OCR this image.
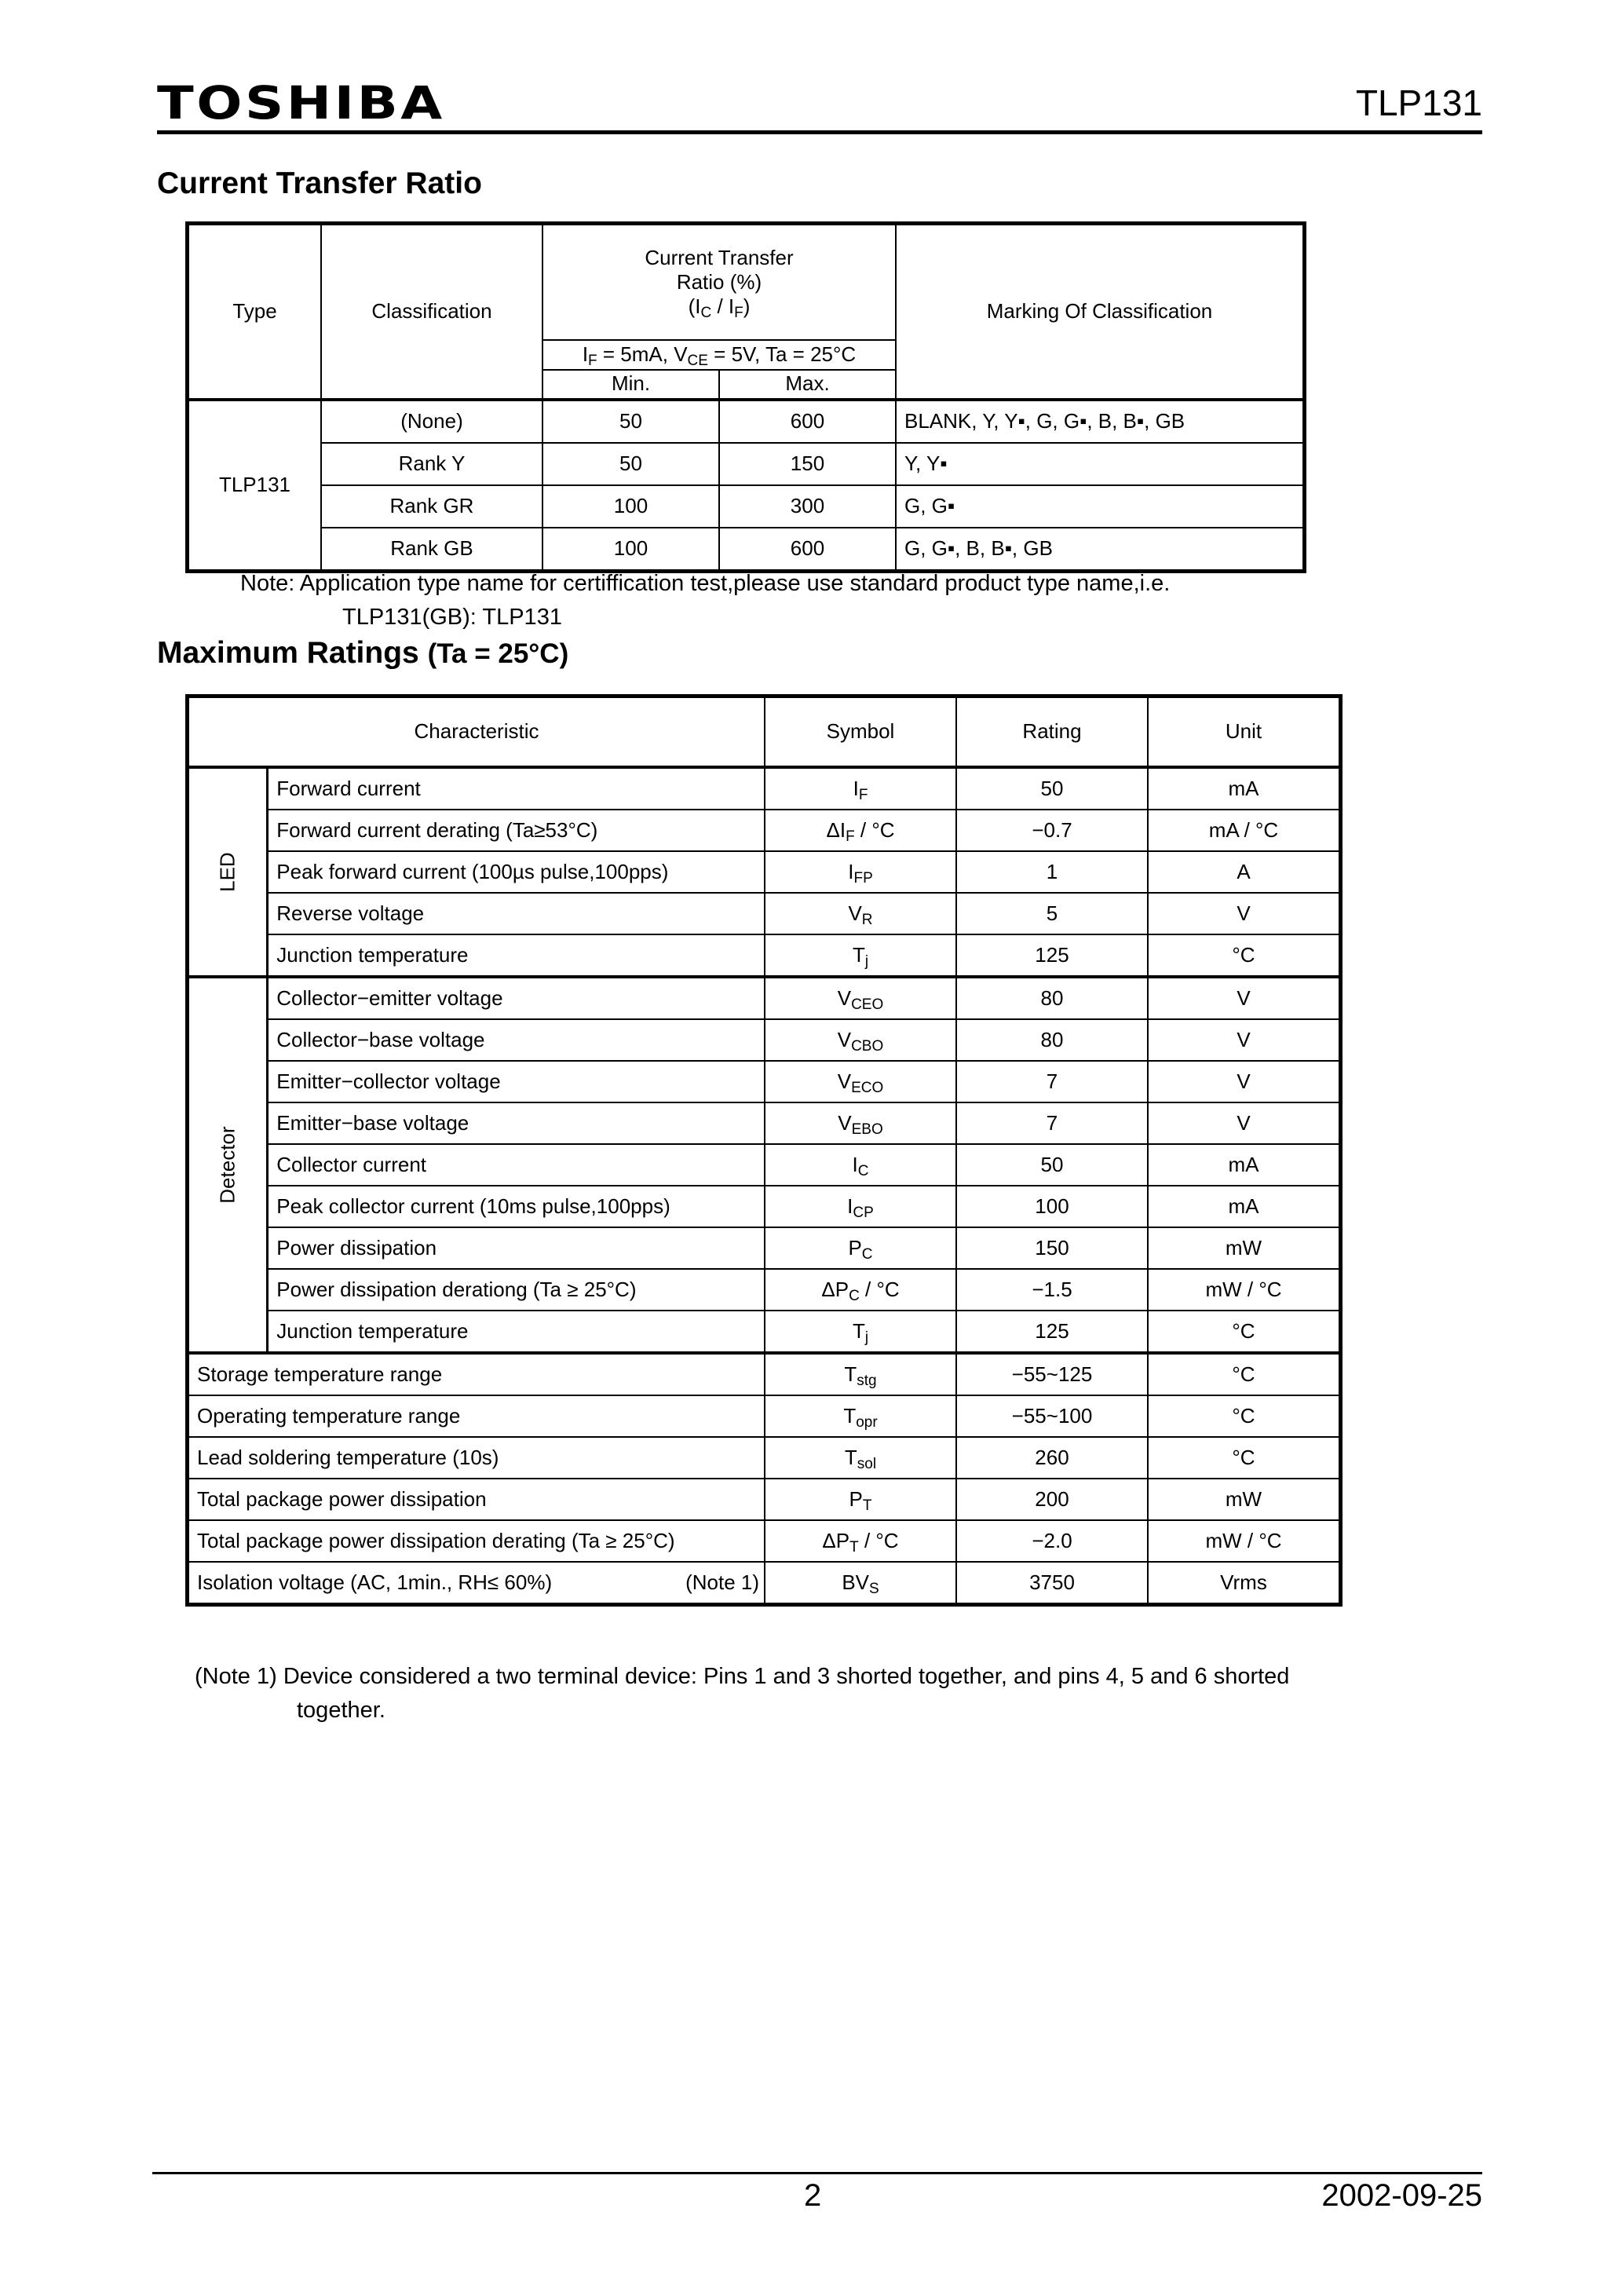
TOSHIBA	TLP131
Current Transfer Ratio
Type	Classification	Current Transfer
Ratio (%)
$(I_C / I_F)$		Marking Of Classification
		$I_F = 5mA$, $V_{CE} = 5V$, Ta = 25°C		
		Min.	Max.	
TLP131	(None)	50	600	BLANK, Y, Y▪, G, G▪, B, B▪, GB
	Rank Y	50	150	Y, Y▪
	Rank GR	100	300	G, G▪
	Rank GB	100	600	G, G▪, B, B▪, GB
Note: Application type name for certiffication test,please use standard product type name,i.e.
TLP131(GB): TLP131
Maximum Ratings (Ta = 25°C)
Characteristic		Symbol	Rating	Unit
LED	Forward current	$I_F$	50	mA
	Forward current derating (Ta≥53°C)	$\Delta I_F / ^\circ C$	−0.7	mA / °C
	Peak forward current (100µs pulse,100pps)	$I_{FP}$	1	A
	Reverse voltage	$V_R$	5	V
	Junction temperature	$T_j$	125	°C
Detector	Collector−emitter voltage	$V_{CEO}$	80	V
	Collector−base voltage	$V_{CBO}$	80	V
	Emitter−collector voltage	$V_{ECO}$	7	V
	Emitter−base voltage	$V_{EBO}$	7	V
	Collector current	$I_C$	50	mA
	Peak collector current (10ms pulse,100pps)	$I_{CP}$	100	mA
	Power dissipation	$P_C$	150	mW
	Power dissipation derationg (Ta ≥ 25°C)	$\Delta P_C / ^\circ C$	−1.5	mW / °C
	Junction temperature	$T_j$	125	°C
Storage temperature range		$T_{stg}$	−55~125	°C
Operating temperature range		$T_{opr}$	−55~100	°C
Lead soldering temperature (10s)		$T_{sol}$	260	°C
Total package power dissipation		$P_T$	200	mW
Total package power dissipation derating (Ta ≥ 25°C)		$\Delta P_T / ^\circ C$	−2.0	mW / °C

Isolation voltage (AC, 1min., RH≤ 60%) (Note 1)		$BV_S$	3750	Vrms
(Note 1) Device considered a two terminal device: Pins 1 and 3 shorted together, and pins 4, 5 and 6 shorted
together.
2	2002-09-25
